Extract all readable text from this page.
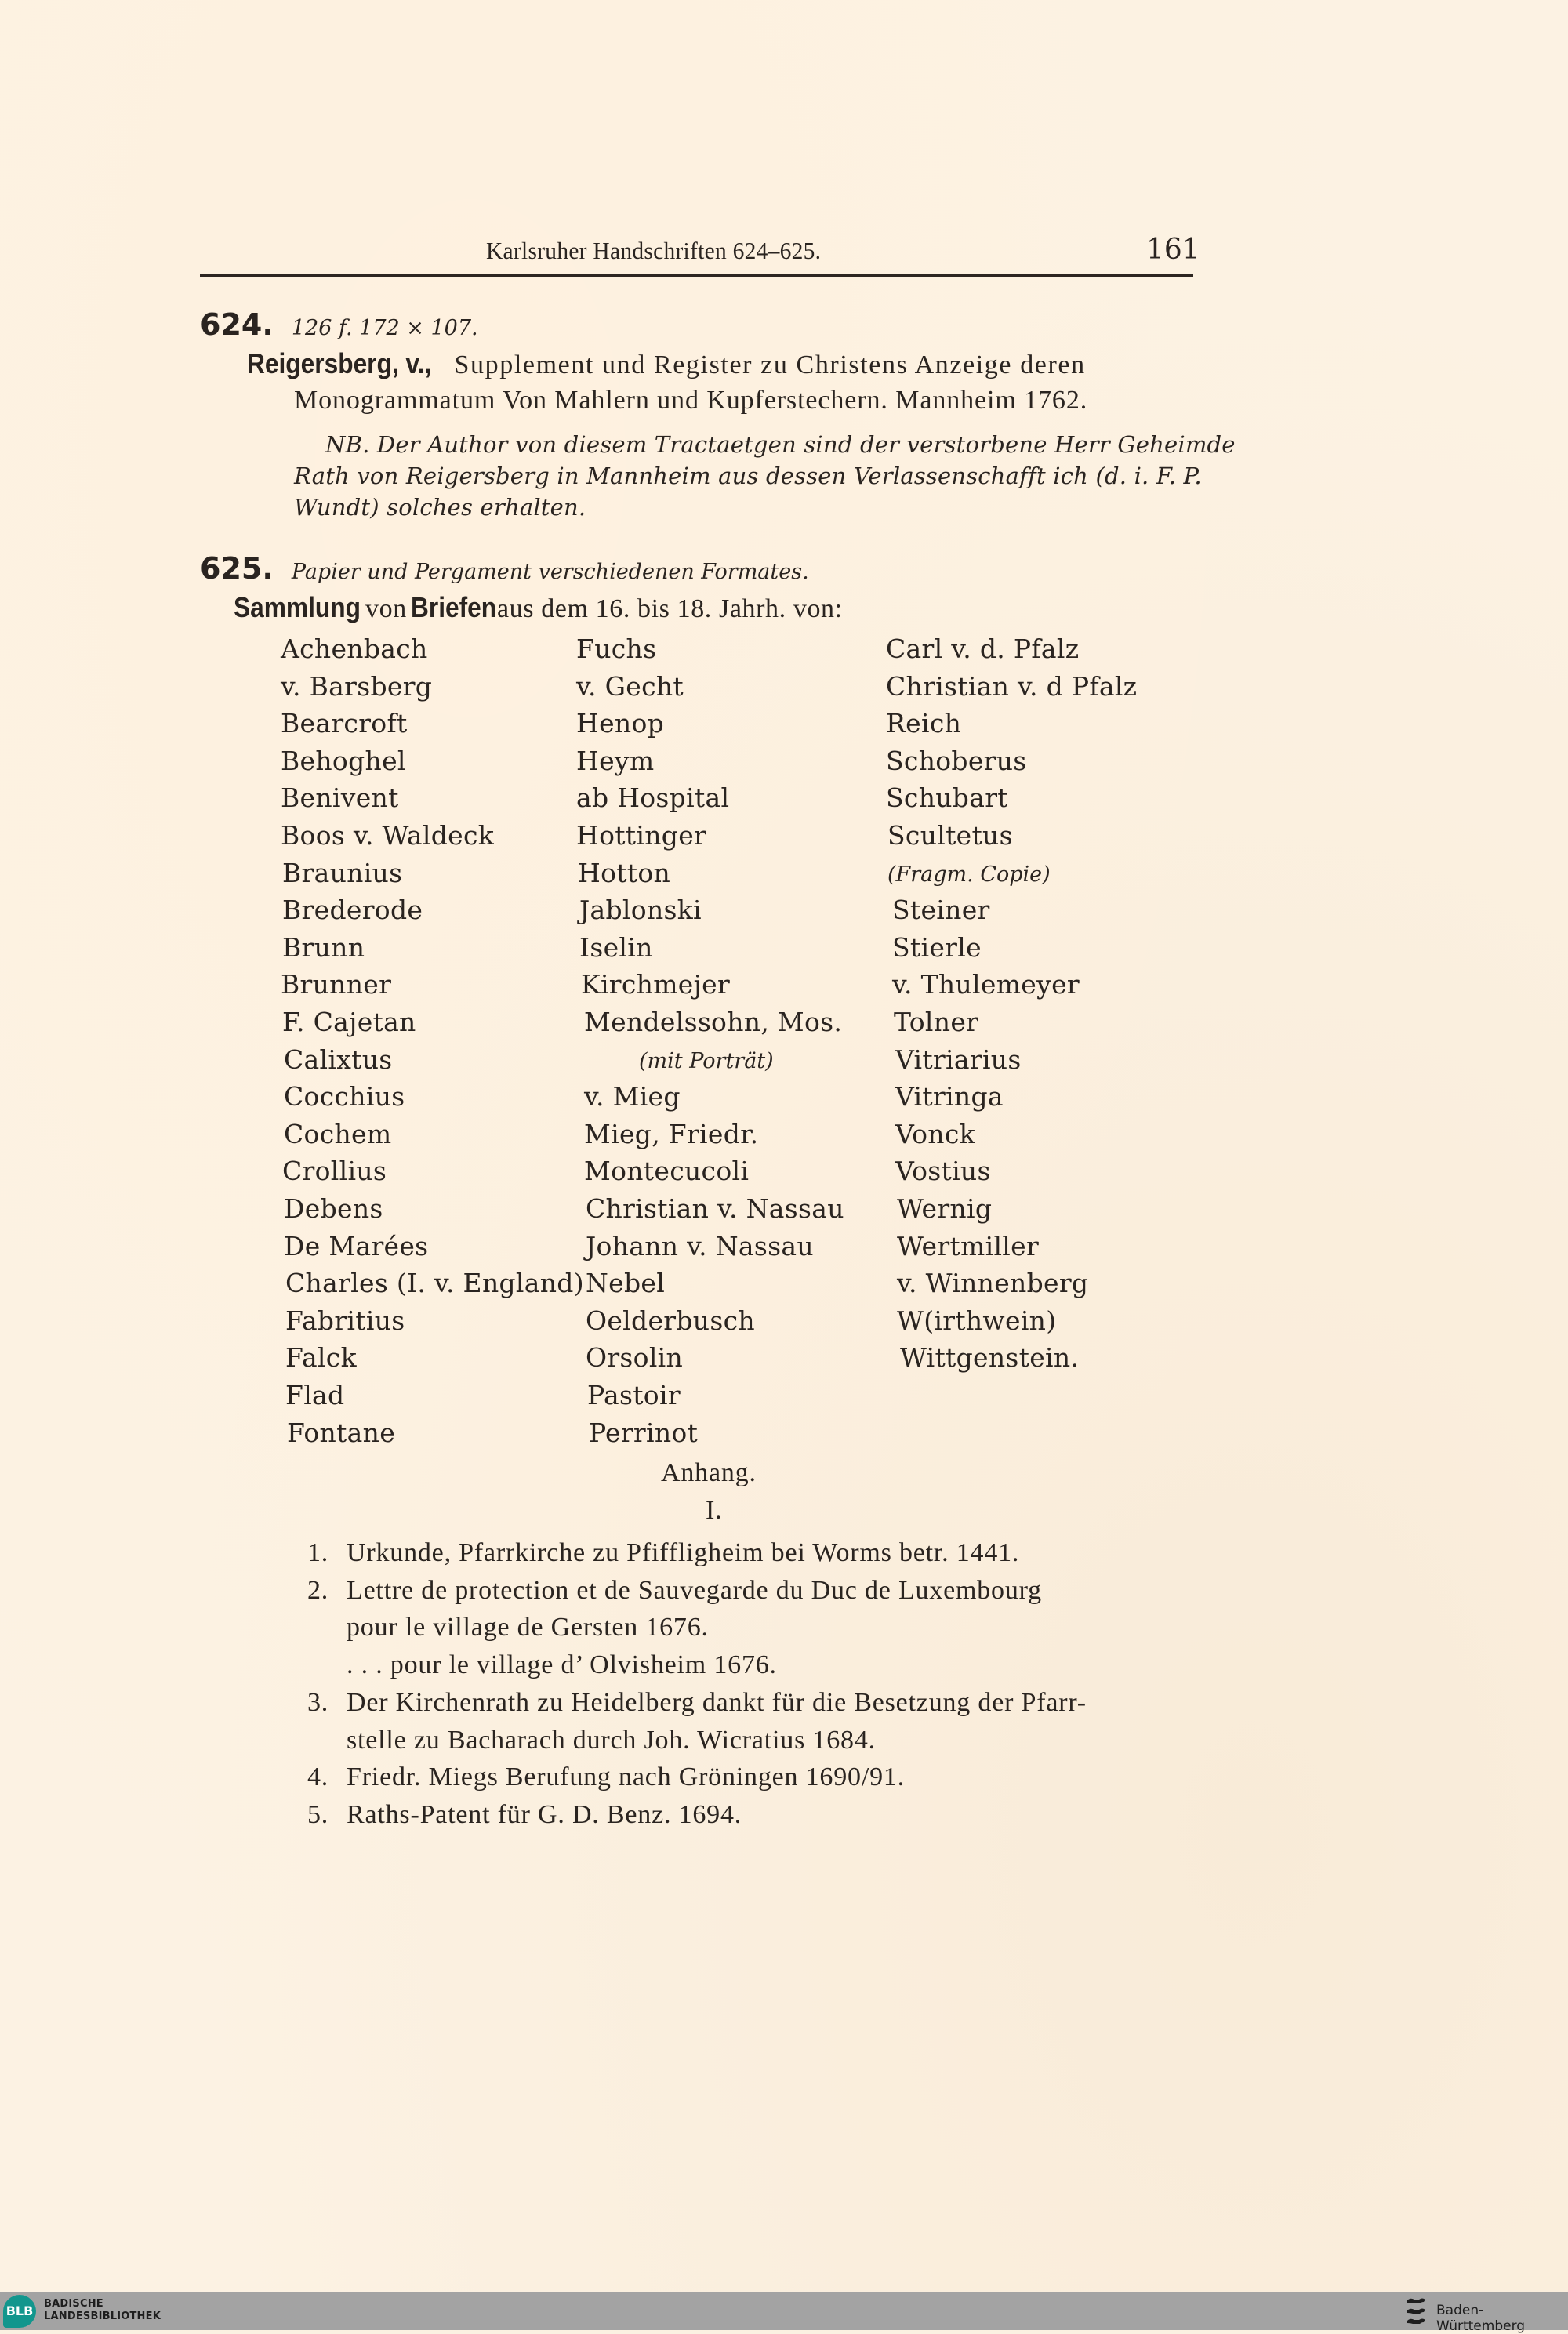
Karlsruher Handschriften 624–625.	161
624. 126 f. 172 × 107.
Reigersberg, v., Supplement und Register zu Christens Anzeige deren
Monogrammatum Von Mahlern und Kupferstechern. Mannheim 1762.
NB. Der Author von diesem Tractaetgen sind der verstorbene Herr Geheimde
Rath von Reigersberg in Mannheim aus dessen Verlassenschafft ich (d. i. F. P.
Wundt) solches erhalten.
625. Papier und Pergament verschiedenen Formates.
Sammlung von Briefenaus dem 16. bis 18. Jahrh. von:
Achenbach
v. Barsberg
Bearcroft
Behoghel
Benivent
Boos v. Waldeck
Braunius
Brederode
Brunn
Brunner
F. Cajetan
Calixtus
Cocchius
Cochem
Crollius
Debens
De Marées
Charles (I. v. England)
Fabritius
Falck
Flad
Fontane
Fuchs
v. Gecht
Henop
Heym
ab Hospital
Hottinger
Hotton
Jablonski
Iselin
Kirchmejer
Mendelssohn, Mos.
(mit Porträt)
v. Mieg
Mieg, Friedr.
Montecucoli
Christian v. Nassau
Johann v. Nassau
Nebel
Oelderbusch
Orsolin
Pastoir
Perrinot
Carl v. d. Pfalz
Christian v. d Pfalz
Reich
Schoberus
Schubart
Scultetus
(Fragm. Copie)
Steiner
Stierle
v. Thulemeyer
Tolner
Vitriarius
Vitringa
Vonck
Vostius
Wernig
Wertmiller
v. Winnenberg
W(irthwein)
Wittgenstein.
Anhang.
I.
1. Urkunde, Pfarrkirche zu Pfiffligheim bei Worms betr. 1441.
2. Lettre de protection et de Sauvegarde du Duc de Luxembourg
pour le village de Gersten 1676.
. . . pour le village d’ Olvisheim 1676.
3. Der Kirchenrath zu Heidelberg dankt für die Besetzung der Pfarr-
stelle zu Bacharach durch Joh. Wicratius 1684.
4. Friedr. Miegs Berufung nach Gröningen 1690/91.
5. Raths-Patent für G. D. Benz. 1694.
BLB BADISCHE
LANDESBIBLIOTHEK	Baden-Württemberg
